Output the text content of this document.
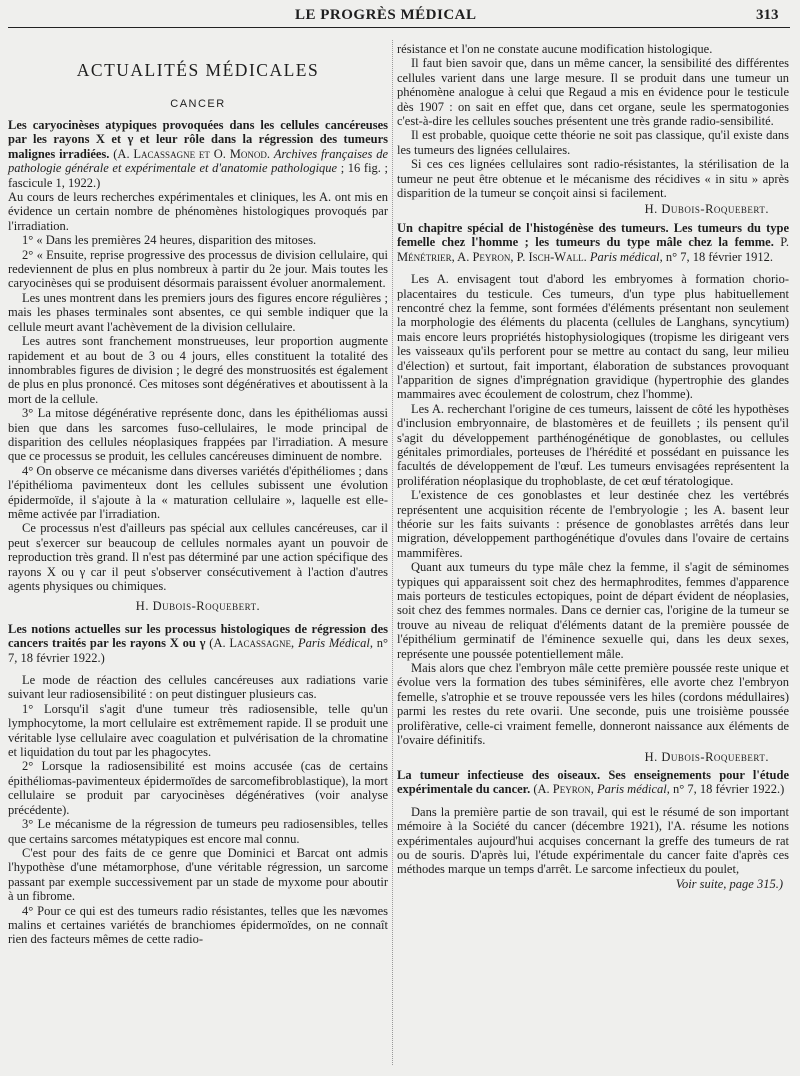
LE PROGRÈS MÉDICAL	313
ACTUALITÉS MÉDICALES
CANCER

Les caryocinèses atypiques provoquées dans les cellules cancéreuses par les rayons X et γ et leur rôle dans la régression des tumeurs malignes irradiées. (A. Lacassagne et O. Monod. Archives françaises de pathologie générale et expérimentale et d'anatomie pathologique ; 16 fig. ; fascicule 1, 1922.)

Au cours de leurs recherches expérimentales et cliniques, les A. ont mis en évidence un certain nombre de phénomènes histologiques provoqués par l'irradiation.

1° « Dans les premières 24 heures, disparition des mitoses.

2° « Ensuite, reprise progressive des processus de division cellulaire, qui redeviennent de plus en plus nombreux à partir du 2e jour. Mais toutes les caryocinèses qui se produisent désormais paraissent évoluer anormalement.

Les unes montrent dans les premiers jours des figures encore régulières ; mais les phases terminales sont absentes, ce qui semble indiquer que la cellule meurt avant l'achèvement de la division cellulaire.

Les autres sont franchement monstrueuses, leur proportion augmente rapidement et au bout de 3 ou 4 jours, elles constituent la totalité des innombrables figures de division ; le degré des monstruosités est également de plus en plus prononcé. Ces mitoses sont dégénératives et aboutissent à la mort de la cellule.

3° La mitose dégénérative représente donc, dans les épithéliomas aussi bien que dans les sarcomes fuso-cellulaires, le mode principal de disparition des cellules néoplasiques frappées par l'irradiation. A mesure que ce processus se produit, les cellules cancéreuses diminuent de nombre.

4° On observe ce mécanisme dans diverses variétés d'épithéliomes ; dans l'épithélioma pavimenteux dont les cellules subissent une évolution épidermoïde, il s'ajoute à la « maturation cellulaire », laquelle est elle-même activée par l'irradiation.

Ce processus n'est d'ailleurs pas spécial aux cellules cancéreuses, car il peut s'exercer sur beaucoup de cellules normales ayant un pouvoir de reproduction très grand. Il n'est pas déterminé par une action spécifique des rayons X ou γ car il peut s'observer consécutivement à l'action d'autres agents physiques ou chimiques.

H. Dubois-Roquebert.

Les notions actuelles sur les processus histologiques de régression des cancers traités par les rayons X ou γ (A. Lacassagne, Paris Médical, n° 7, 18 février 1922.)

Le mode de réaction des cellules cancéreuses aux radiations varie suivant leur radiosensibilité : on peut distinguer plusieurs cas.

1° Lorsqu'il s'agit d'une tumeur très radiosensible, telle qu'un lymphocytome, la mort cellulaire est extrêmement rapide. Il se produit une véritable lyse cellulaire avec coagulation et pulvérisation de la chromatine et liquidation du tout par les phagocytes.

2° Lorsque la radiosensibilité est moins accusée (cas de certains épithéliomas-pavimenteux épidermoïdes de sarcomefibroblastique), la mort cellulaire se produit par caryocinèses dégénératives (voir analyse précédente).

3° Le mécanisme de la régression de tumeurs peu radiosensibles, telles que certains sarcomes métatypiques est encore mal connu.

C'est pour des faits de ce genre que Dominici et Barcat ont admis l'hypothèse d'une métamorphose, d'une véritable régression, un sarcome passant par exemple successivement par un stade de myxome pour aboutir à un fibrome.

4° Pour ce qui est des tumeurs radio résistantes, telles que les nævomes malins et certaines variétés de branchiomes épidermoïdes, on ne connaît rien des facteurs mêmes de cette radio-

résistance et l'on ne constate aucune modification histologique.

Il faut bien savoir que, dans un même cancer, la sensibilité des différentes cellules varient dans une large mesure. Il se produit dans une tumeur un phénomène analogue à celui que Regaud a mis en évidence pour le testicule dès 1907 : on sait en effet que, dans cet organe, seule les spermatogonies c'est-à-dire les cellules souches présentent une très grande radio-sensibilité.

Il est probable, quoique cette théorie ne soit pas classique, qu'il existe dans les tumeurs des lignées cellulaires.

Si ces ces lignées cellulaires sont radio-résistantes, la stérilisation de la tumeur ne peut être obtenue et le mécanisme des récidives « in situ » après disparition de la tumeur se conçoit ainsi si facilement.

H. Dubois-Roquebert.

Un chapitre spécial de l'histogénèse des tumeurs. Les tumeurs du type femelle chez l'homme ; les tumeurs du type mâle chez la femme. P. Ménétrier, A. Peyron, P. Isch-Wall. Paris médical, n° 7, 18 février 1912.

Les A. envisagent tout d'abord les embryomes à formation chorio-placentaires du testicule. Ces tumeurs, d'un type plus habituellement rencontré chez la femme, sont formées d'éléments présentant non seulement la morphologie des éléments du placenta (cellules de Langhans, syncytium) mais encore leurs propriétés histophysiologiques (tropisme les dirigeant vers les vaisseaux qu'ils perforent pour se mettre au contact du sang, leur milieu d'élection) et surtout, fait important, élaboration de substances provoquant l'apparition de signes d'imprégnation gravidique (hypertrophie des glandes mammaires avec écoulement de colostrum, chez l'homme).

Les A. recherchant l'origine de ces tumeurs, laissent de côté les hypothèses d'inclusion embryonnaire, de blastomères et de feuillets ; ils pensent qu'il s'agit du développement parthénogénétique de gonoblastes, ou cellules génitales primordiales, porteuses de l'hérédité et possédant en puissance les facultés de développement de l'œuf. Les tumeurs envisagées représentent la prolifération néoplasique du trophoblaste, de cet œuf tératologique.

L'existence de ces gonoblastes et leur destinée chez les vertébrés représentent une acquisition récente de l'embryologie ; les A. basent leur théorie sur les faits suivants : présence de gonoblastes arrêtés dans leur migration, développement parthogénétique d'ovules dans l'ovaire de certains mammifères.

Quant aux tumeurs du type mâle chez la femme, il s'agit de séminomes typiques qui apparaissent soit chez des hermaphrodites, femmes d'apparence mais porteurs de testicules ectopiques, point de départ évident de néoplasies, soit chez des femmes normales. Dans ce dernier cas, l'origine de la tumeur se trouve au niveau de reliquat d'éléments datant de la première poussée de l'épithélium germinatif de l'éminence sexuelle qui, dans les deux sexes, représente une poussée potentiellement mâle.

Mais alors que chez l'embryon mâle cette première poussée reste unique et évolue vers la formation des tubes séminifères, elle avorte chez l'embryon femelle, s'atrophie et se trouve repoussée vers les hiles (cordons médullaires) parmi les restes du rete ovarii. Une seconde, puis une troisième poussée prolifèrative, celle-ci vraiment femelle, donneront naissance aux éléments de l'ovaire définitifs.

H. Dubois-Roquebert.

La tumeur infectieuse des oiseaux. Ses enseignements pour l'étude expérimentale du cancer. (A. Peyron, Paris médical, n° 7, 18 février 1922.)

Dans la première partie de son travail, qui est le résumé de son important mémoire à la Société du cancer (décembre 1921), l'A. résume les notions expérimentales aujourd'hui acquises concernant la greffe des tumeurs de rat ou de souris. D'après lui, l'étude expérimentale du cancer faite d'après ces méthodes marque un temps d'arrêt. Le sarcome infectieux du poulet,

Voir suite, page 315.)
